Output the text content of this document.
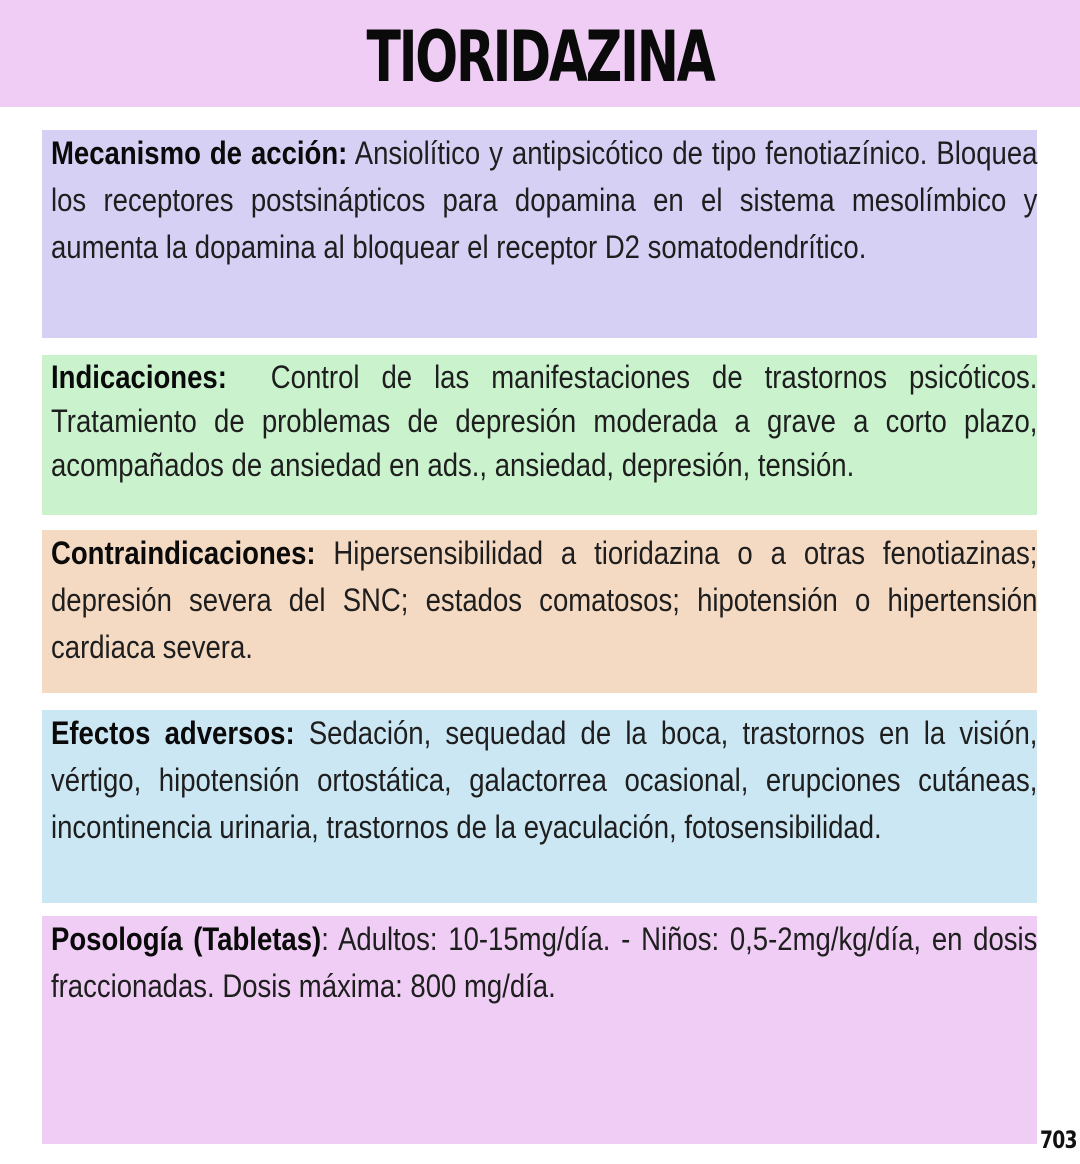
TIORIDAZINA
Mecanismo de acción: Ansiolítico y antipsicótico de tipo fenotiazínico. Bloquea los receptores postsinápticos para dopamina en el sistema mesolímbico y aumenta la dopamina al bloquear el receptor D2 somatodendrítico.
Indicaciones:  Control de las manifestaciones de trastornos psicóticos. Tratamiento de problemas de depresión moderada a grave a corto plazo, acompañados de ansiedad en ads., ansiedad, depresión, tensión.
Contraindicaciones: Hipersensibilidad a tioridazina o a otras fenotiazinas; depresión severa del SNC; estados comatosos; hipotensión o hipertensión cardiaca severa.
Efectos adversos: Sedación, sequedad de la boca, trastornos en la visión, vértigo, hipotensión ortostática, galactorrea ocasional, erupciones cutáneas, incontinencia urinaria, trastornos de la eyaculación, fotosensibilidad.
Posología (Tabletas): Adultos: 10-15mg/día. - Niños: 0,5-2mg/kg/día, en dosis fraccionadas. Dosis máxima: 800 mg/día.
703
